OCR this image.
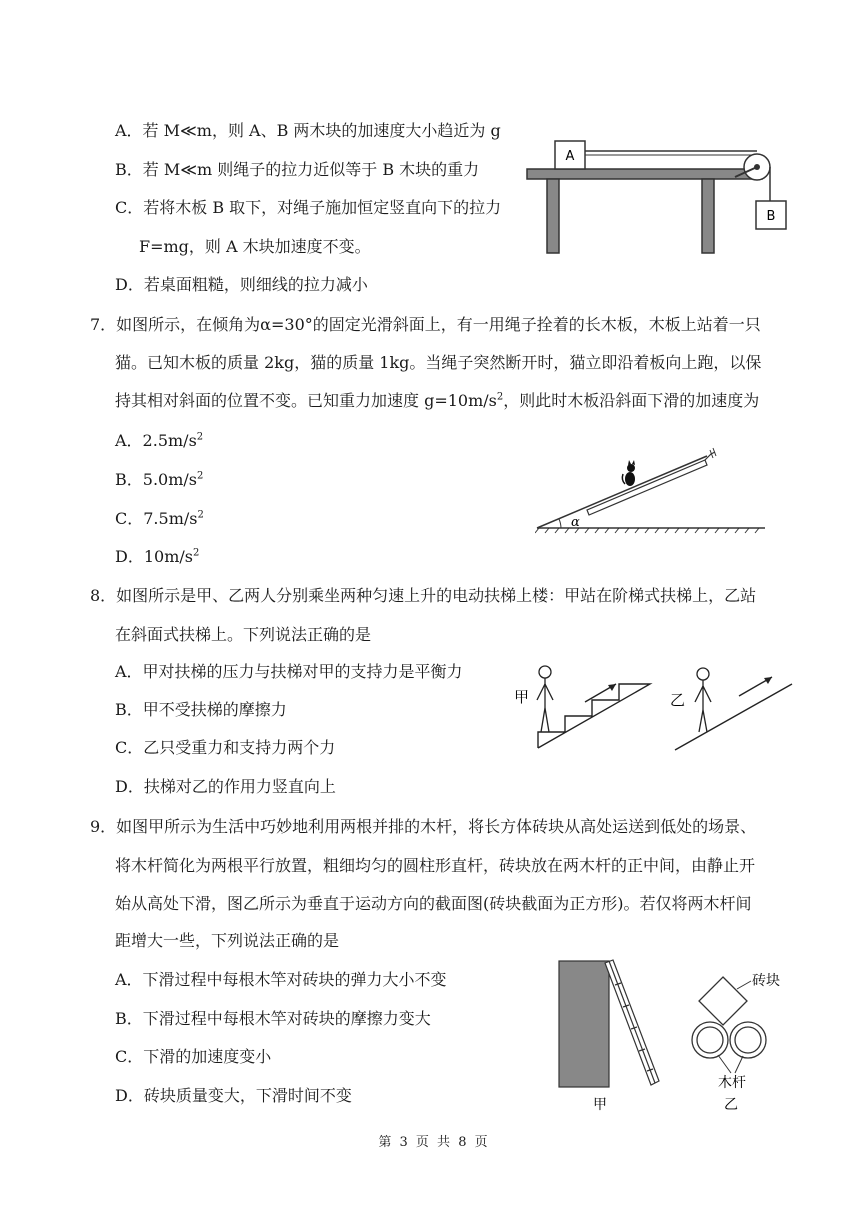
A．若 M≪m，则 A、B 两木块的加速度大小趋近为 g
B．若 M≪m 则绳子的拉力近似等于 B 木块的重力
C．若将木板 B 取下，对绳子施加恒定竖直向下的拉力
F=mg，则 A 木块加速度不变。
D．若桌面粗糙，则细线的拉力减小
A
B
7．如图所示，在倾角为α=30°的固定光滑斜面上，有一用绳子拴着的长木板，木板上站着一只
猫。已知木板的质量 2kg，猫的质量 1kg。当绳子突然断开时，猫立即沿着板向上跑，以保
持其相对斜面的位置不变。已知重力加速度 $g=10m/s^2$，则此时木板沿斜面下滑的加速度为
A．$2.5m/s^2$
B．$5.0m/s^2$
C．$7.5m/s^2$
D．$10m/s^2$
α
8．如图所示是甲、乙两人分别乘坐两种匀速上升的电动扶梯上楼：甲站在阶梯式扶梯上，乙站
在斜面式扶梯上。下列说法正确的是
A．甲对扶梯的压力与扶梯对甲的支持力是平衡力
B．甲不受扶梯的摩擦力
C．乙只受重力和支持力两个力
D．扶梯对乙的作用力竖直向上
甲	乙
9．如图甲所示为生活中巧妙地利用两根并排的木杆，将长方体砖块从高处运送到低处的场景、
将木杆简化为两根平行放置，粗细均匀的圆柱形直杆，砖块放在两木杆的正中间，由静止开
始从高处下滑，图乙所示为垂直于运动方向的截面图(砖块截面为正方形)。若仅将两木杆间
距增大一些，下列说法正确的是
A．下滑过程中每根木竿对砖块的弹力大小不变
B．下滑过程中每根木竿对砖块的摩擦力变大
C．下滑的加速度变小
D．砖块质量变大，下滑时间不变	甲
砖块
木杆
乙
第 3 页 共 8 页
